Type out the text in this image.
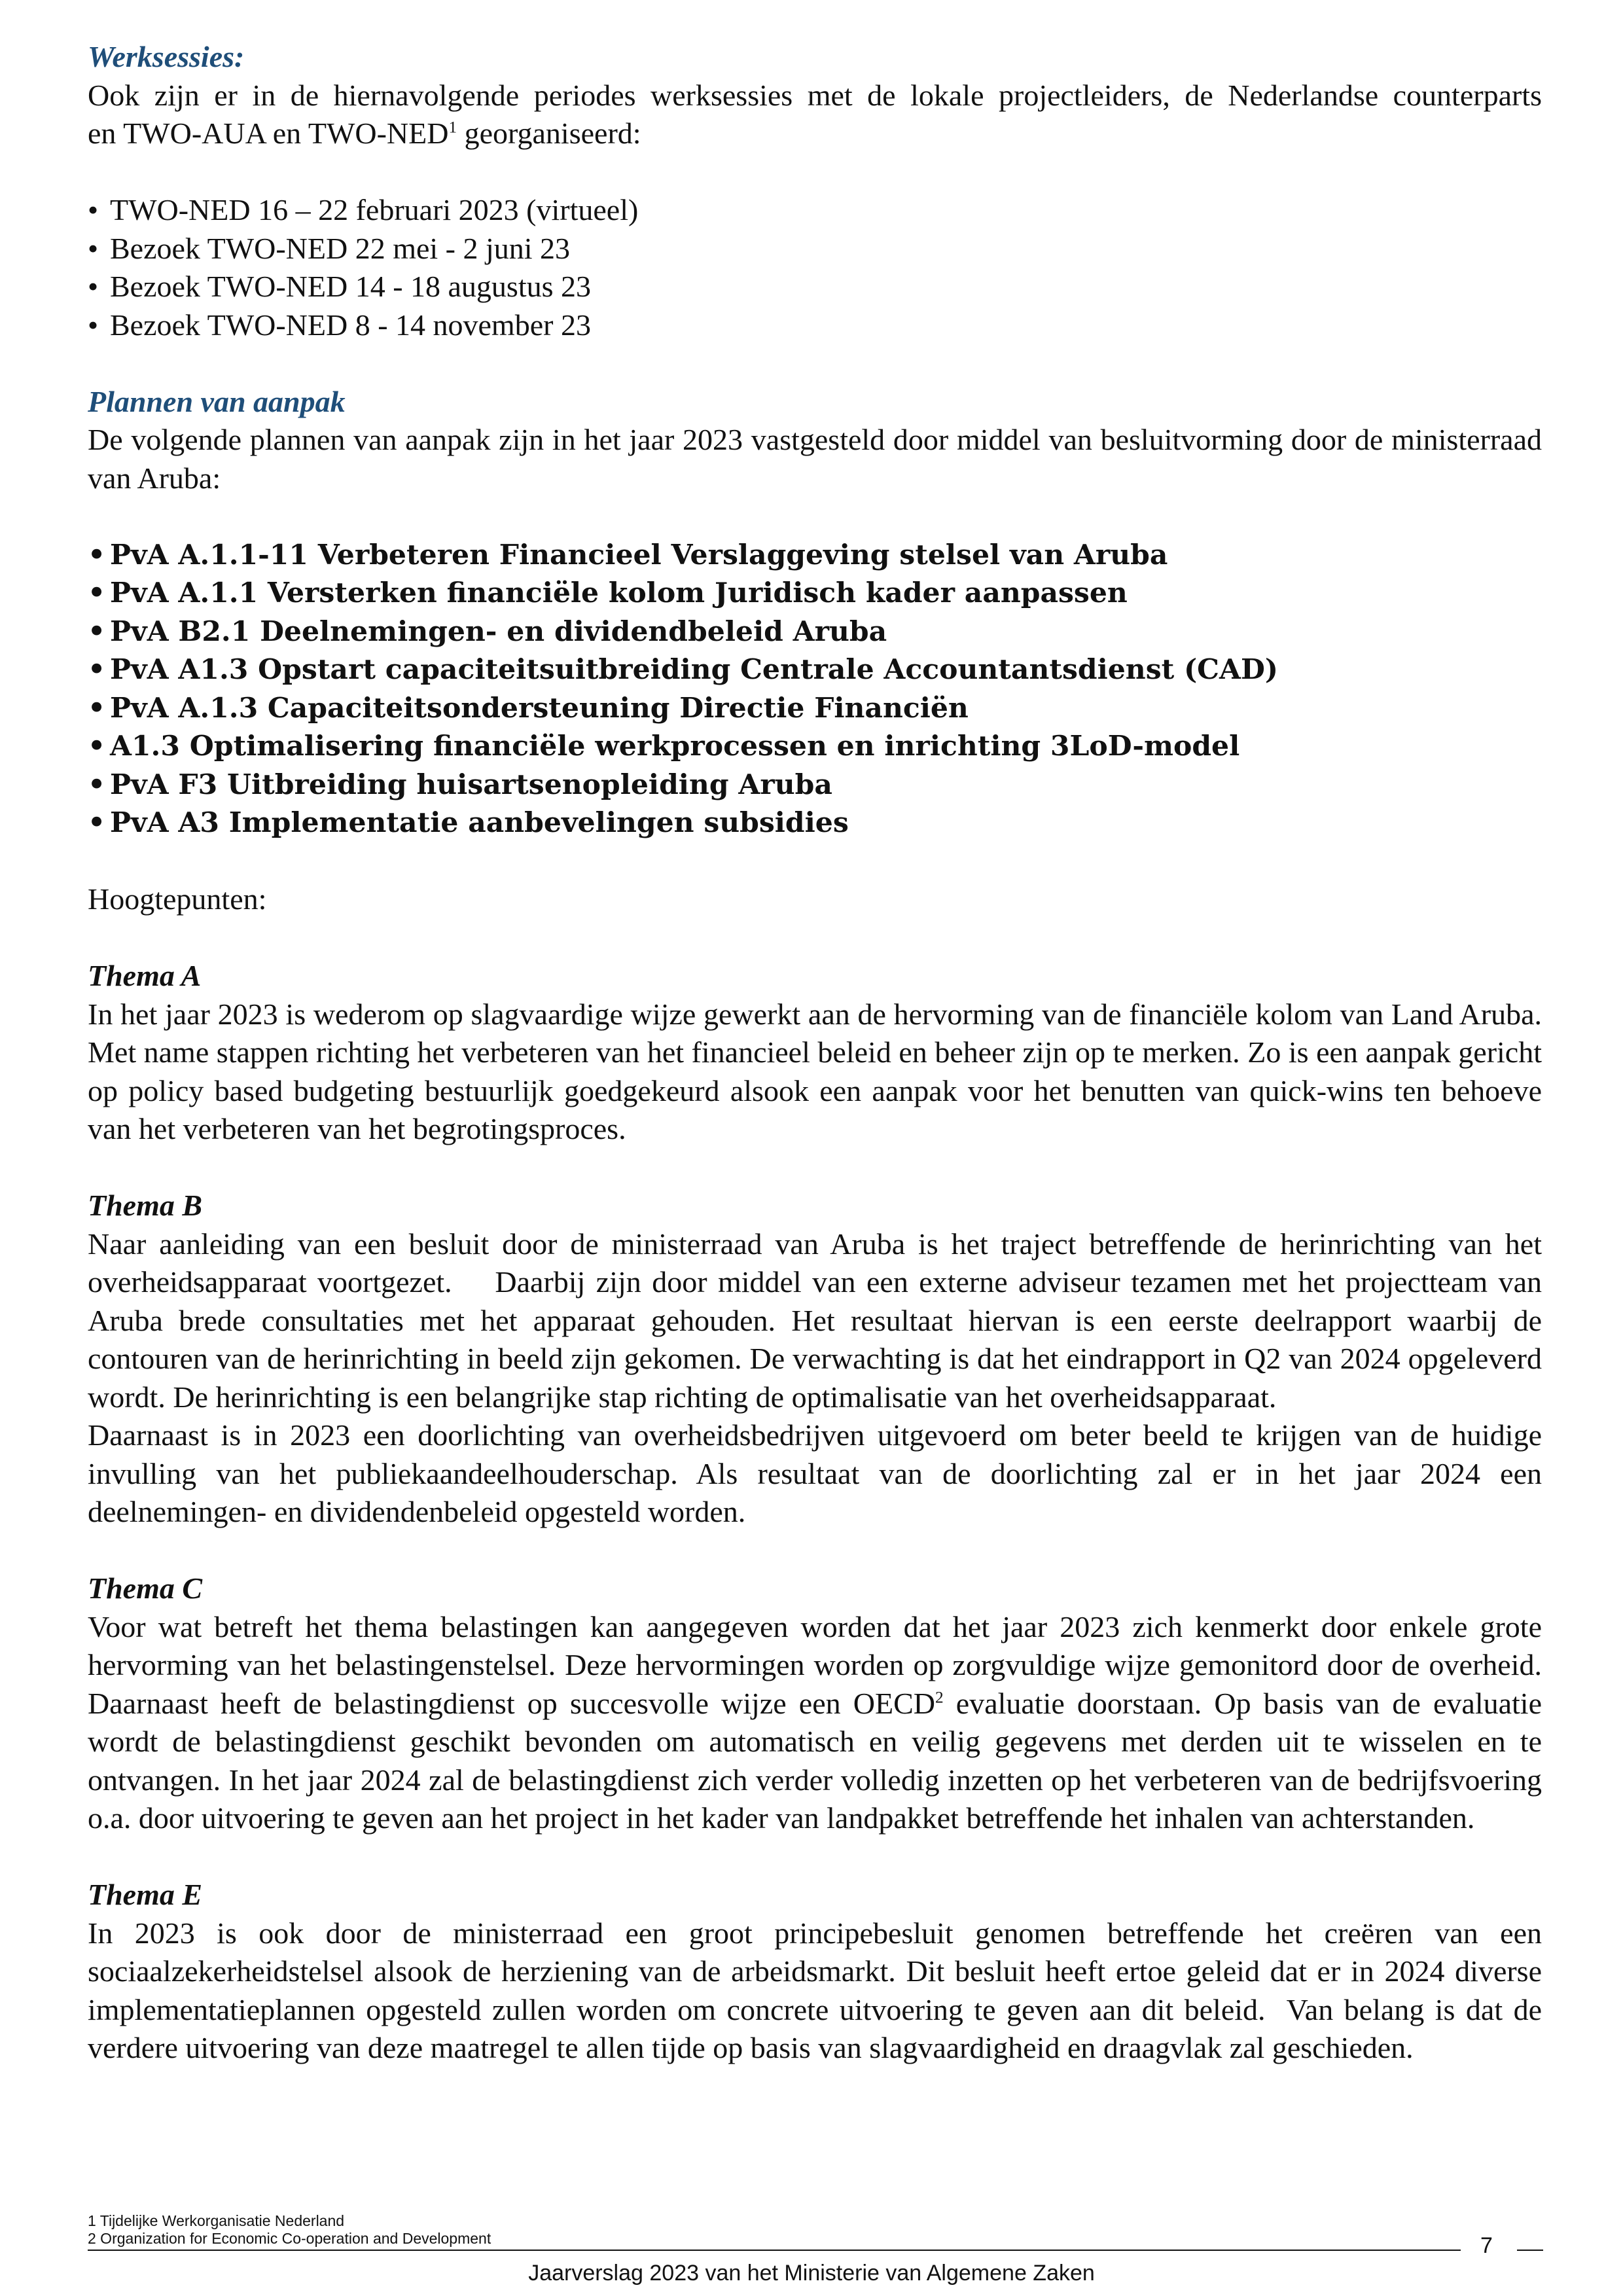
Werksessies:

Ook zijn er in de hiernavolgende periodes werksessies met de lokale projectleiders, de Nederlandse counterparts

en TWO-AUA en TWO-NED$^1$ georganiseerd:

• TWO-NED 16 – 22 februari 2023 (virtueel)
• Bezoek TWO-NED 22 mei - 2 juni 23
• Bezoek TWO-NED 14 - 18 augustus 23
• Bezoek TWO-NED 8 - 14 november 23

Plannen van aanpak

De volgende plannen van aanpak zijn in het jaar 2023 vastgesteld door middel van besluitvorming door de ministerraad van Aruba:

• PvA A.1.1-11 Verbeteren Financieel Verslaggeving stelsel van Aruba
• PvA A.1.1 Versterken financiële kolom Juridisch kader aanpassen
• PvA B2.1 Deelnemingen- en dividendbeleid Aruba
• PvA A1.3 Opstart capaciteitsuitbreiding Centrale Accountantsdienst (CAD)
• PvA A.1.3 Capaciteitsondersteuning Directie Financiën
• A1.3 Optimalisering financiële werkprocessen en inrichting 3LoD-model
• PvA F3 Uitbreiding huisartsenopleiding Aruba
• PvA A3 Implementatie aanbevelingen subsidies

Hoogtepunten:

Thema A

In het jaar 2023 is wederom op slagvaardige wijze gewerkt aan de hervorming van de financiële kolom van Land Aruba. Met name stappen richting het verbeteren van het financieel beleid en beheer zijn op te merken. Zo is een aanpak gericht op policy based budgeting bestuurlijk goedgekeurd alsook een aanpak voor het benutten van quick-wins ten behoeve van het verbeteren van het begrotingsproces.

Thema B

Naar aanleiding van een besluit door de ministerraad van Aruba is het traject betreffende de herinrichting van het overheidsapparaat voortgezet.    Daarbij zijn door middel van een externe adviseur tezamen met het projectteam van Aruba brede consultaties met het apparaat gehouden. Het resultaat hiervan is een eerste deelrapport waarbij de contouren van de herinrichting in beeld zijn gekomen. De verwachting is dat het eindrapport in Q2 van 2024 opgeleverd wordt. De herinrichting is een belangrijke stap richting de optimalisatie van het overheidsapparaat.

Daarnaast is in 2023 een doorlichting van overheidsbedrijven uitgevoerd om beter beeld te krijgen van de huidige invulling van het publiekaandeelhouderschap. Als resultaat van de doorlichting zal er in het jaar 2024 een deelnemingen- en dividendenbeleid opgesteld worden.

Thema C

Voor wat betreft het thema belastingen kan aangegeven worden dat het jaar 2023 zich kenmerkt door enkele grote hervorming van het belastingenstelsel. Deze hervormingen worden op zorgvuldige wijze gemonitord door de overheid. Daarnaast heeft de belastingdienst op succesvolle wijze een OECD$^2$ evaluatie doorstaan. Op basis van de evaluatie wordt de belastingdienst geschikt bevonden om automatisch en veilig gegevens met derden uit te wisselen en te ontvangen. In het jaar 2024 zal de belastingdienst zich verder volledig inzetten op het verbeteren van de bedrijfsvoering o.a. door uitvoering te geven aan het project in het kader van landpakket betreffende het inhalen van achterstanden.

Thema E

In 2023 is ook door de ministerraad een groot principebesluit genomen betreffende het creëren van een sociaalzekerheidstelsel alsook de herziening van de arbeidsmarkt. Dit besluit heeft ertoe geleid dat er in 2024 diverse implementatieplannen opgesteld zullen worden om concrete uitvoering te geven aan dit beleid.  Van belang is dat de verdere uitvoering van deze maatregel te allen tijde op basis van slagvaardigheid en draagvlak zal geschieden.

1 Tijdelijke Werkorganisatie Nederland
2 Organization for Economic Co-operation and Development	7
Jaarverslag 2023 van het Ministerie van Algemene Zaken
